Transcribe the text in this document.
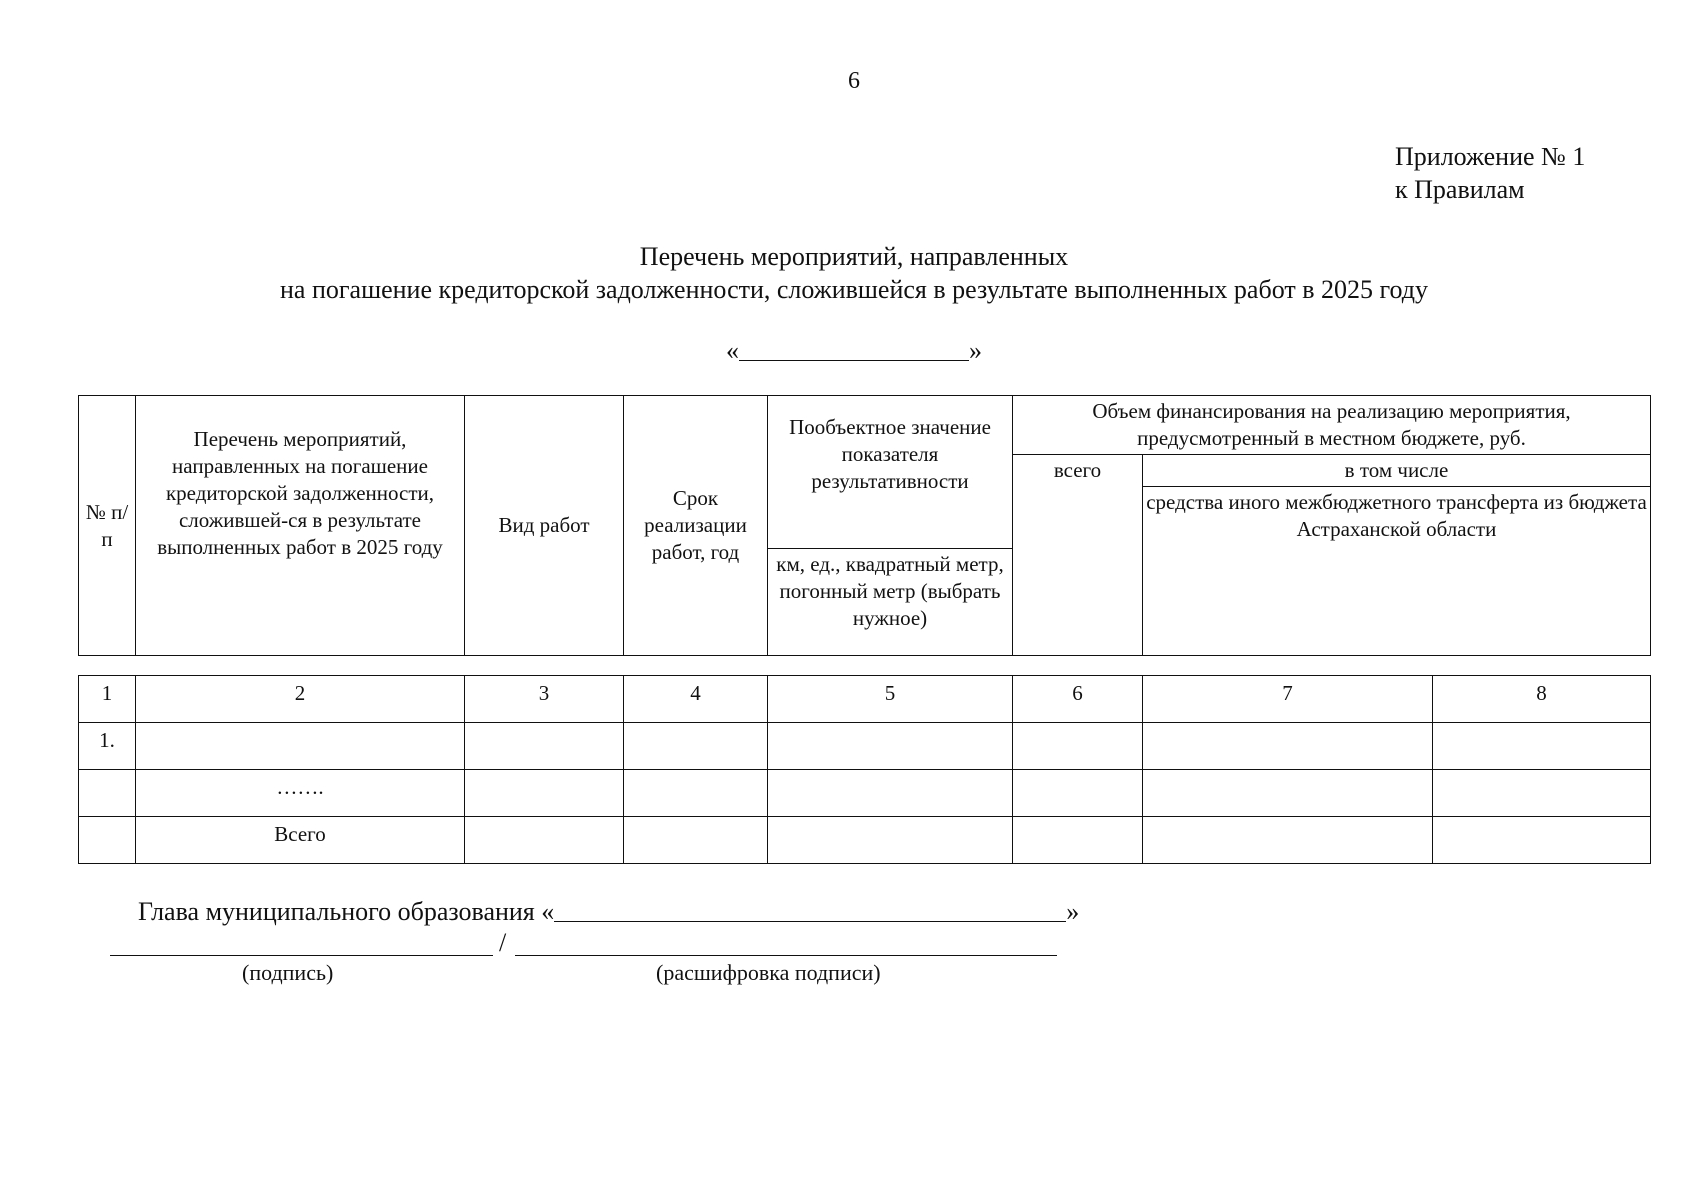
6
Приложение № 1
к Правилам
Перечень мероприятий, направленных
на погашение кредиторской задолженности, сложившейся в результате выполненных работ в 2025 году
«	»
№ п/п	Перечень мероприятий, направленных на погашение кредиторской задолженности, сложившей-ся в результате выполненных работ в 2025 году	Вид работ	Срок реализации работ, год	Пообъектное значение показателя результативности	Объем финансирования на реализацию мероприятия, предусмотренный в местном бюджете, руб.	
					всего	в том числе
						средства иного межбюджетного трансферта из бюджета Астраханской области
				км, ед., квадратный метр, погонный метр (выбрать нужное)		
1	2	3	4	5	6	7	8
1.							
	…….						
	Всего						
Глава муниципального образования «	»
/
(подпись)	(расшифровка подписи)
